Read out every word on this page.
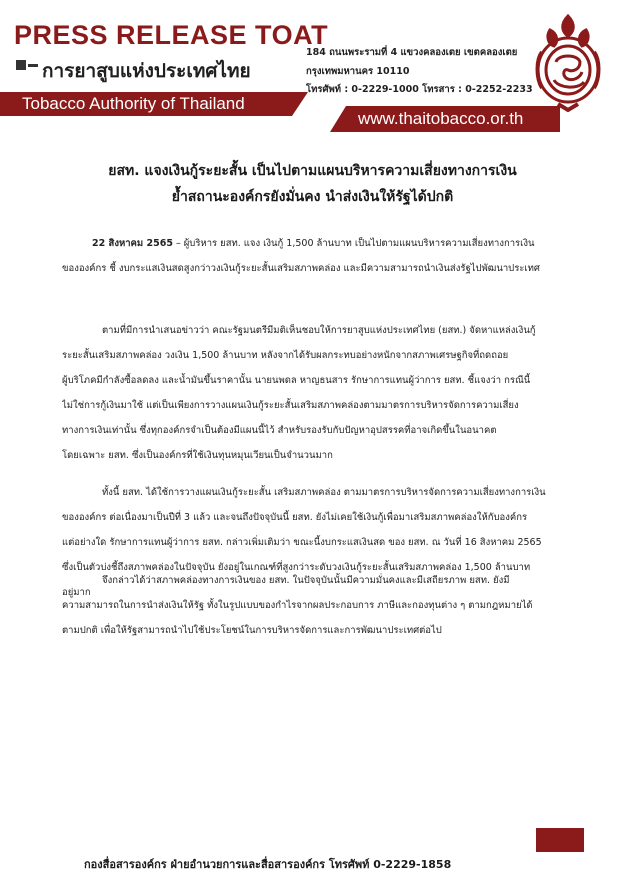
PRESS RELEASE TOAT
การยาสูบแห่งประเทศไทย
Tobacco Authority of Thailand
184 ถนนพระรามที่ 4 แขวงคลองเตย เขตคลองเตย
กรุงเทพมหานคร 10110
โทรศัพท์ : 0-2229-1000 โทรสาร : 0-2252-2233
www.thaitobacco.or.th
ยสท. แจงเงินกู้ระยะสั้น เป็นไปตามแผนบริหารความเสี่ยงทางการเงิน
ย้ำสถานะองค์กรยังมั่นคง นำส่งเงินให้รัฐได้ปกติ
22 สิงหาคม 2565 – ผู้บริหาร ยสท. แจง เงินกู้ 1,500 ล้านบาท เป็นไปตามแผนบริหารความเสี่ยงทางการเงิน
ขององค์กร ชี้ งบกระแสเงินสดสูงกว่าวงเงินกู้ระยะสั้นเสริมสภาพคล่อง และมีความสามารถนำเงินส่งรัฐไปพัฒนาประเทศ
ตามที่มีการนำเสนอข่าวว่า คณะรัฐมนตรีมีมติเห็นชอบให้การยาสูบแห่งประเทศไทย (ยสท.) จัดหาแหล่งเงินกู้
ระยะสั้นเสริมสภาพคล่อง วงเงิน 1,500 ล้านบาท หลังจากได้รับผลกระทบอย่างหนักจากสภาพเศรษฐกิจที่ถดถอย
ผู้บริโภคมีกำลังซื้อลดลง และน้ำมันขึ้นราคานั้น นายนพดล หาญธนสาร รักษาการแทนผู้ว่าการ ยสท. ชี้แจงว่า กรณีนี้
ไม่ใช่การกู้เงินมาใช้ แต่เป็นเพียงการวางแผนเงินกู้ระยะสั้นเสริมสภาพคล่องตามมาตรการบริหารจัดการความเสี่ยง
ทางการเงินเท่านั้น ซึ่งทุกองค์กรจำเป็นต้องมีแผนนี้ไว้ สำหรับรองรับกับปัญหาอุปสรรคที่อาจเกิดขึ้นในอนาคต
โดยเฉพาะ ยสท. ซึ่งเป็นองค์กรที่ใช้เงินทุนหมุนเวียนเป็นจำนวนมาก
ทั้งนี้ ยสท. ได้ใช้การวางแผนเงินกู้ระยะสั้น เสริมสภาพคล่อง ตามมาตรการบริหารจัดการความเสี่ยงทางการเงิน
ขององค์กร ต่อเนื่องมาเป็นปีที่ 3 แล้ว และจนถึงปัจจุบันนี้ ยสท. ยังไม่เคยใช้เงินกู้เพื่อมาเสริมสภาพคล่องให้กับองค์กร
แต่อย่างใด รักษาการแทนผู้ว่าการ ยสท. กล่าวเพิ่มเติมว่า ขณะนี้งบกระแสเงินสด ของ ยสท. ณ วันที่ 16 สิงหาคม 2565
ซึ่งเป็นตัวบ่งชี้ถึงสภาพคล่องในปัจจุบัน ยังอยู่ในเกณฑ์ที่สูงกว่าระดับวงเงินกู้ระยะสั้นเสริมสภาพคล่อง 1,500 ล้านบาท
อยู่มาก
จึงกล่าวได้ว่าสภาพคล่องทางการเงินของ ยสท. ในปัจจุบันนั้นมีความมั่นคงและมีเสถียรภาพ ยสท. ยังมี
ความสามารถในการนำส่งเงินให้รัฐ ทั้งในรูปแบบของกำไรจากผลประกอบการ ภาษีและกองทุนต่าง ๆ ตามกฎหมายได้
ตามปกติ เพื่อให้รัฐสามารถนำไปใช้ประโยชน์ในการบริหารจัดการและการพัฒนาประเทศต่อไป
กองสื่อสารองค์กร ฝ่ายอำนวยการและสื่อสารองค์กร โทรศัพท์ 0-2229-1858
